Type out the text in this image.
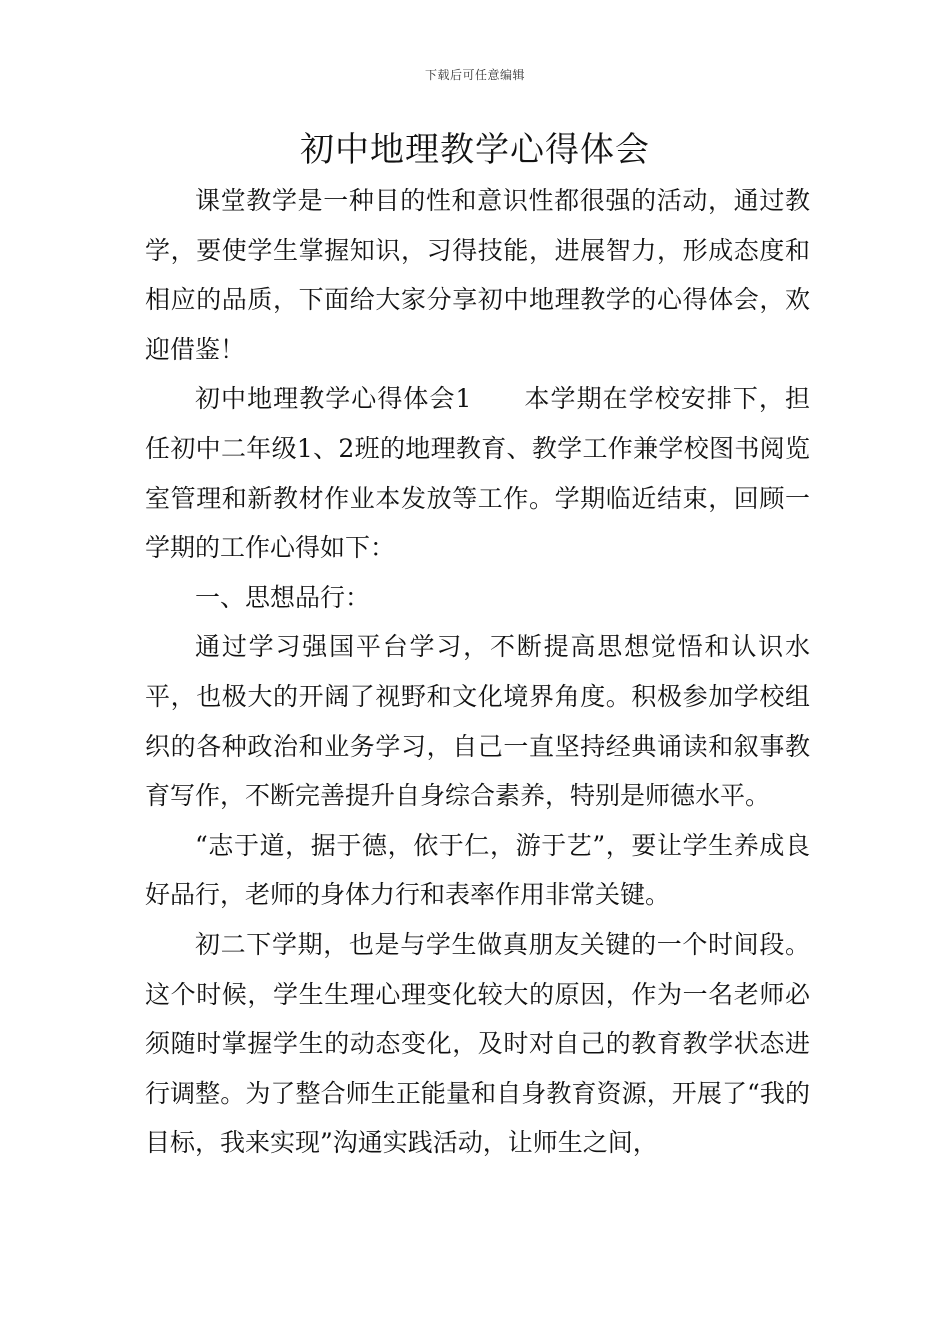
下载后可任意编辑
初中地理教学心得体会

课堂教学是一种目的性和意识性都很强的活动，通过教学，要使学生掌握知识，习得技能，进展智力，形成态度和相应的品质，下面给大家分享初中地理教学的心得体会，欢迎借鉴！

初中地理教学心得体会1 本学期在学校安排下，担任初中二年级1、2班的地理教育、教学工作兼学校图书阅览室管理和新教材作业本发放等工作。学期临近结束，回顾一学期的工作心得如下：

一、思想品行：

通过学习强国平台学习，不断提高思想觉悟和认识水平，也极大的开阔了视野和文化境界角度。积极参加学校组织的各种政治和业务学习，自己一直坚持经典诵读和叙事教育写作，不断完善提升自身综合素养，特别是师德水平。

“志于道，据于德，依于仁，游于艺”，要让学生养成良好品行，老师的身体力行和表率作用非常关键。

初二下学期，也是与学生做真朋友关键的一个时间段。这个时候，学生生理心理变化较大的原因，作为一名老师必须随时掌握学生的动态变化，及时对自己的教育教学状态进行调整。为了整合师生正能量和自身教育资源，开展了“我的目标，我来实现”沟通实践活动，让师生之间，
